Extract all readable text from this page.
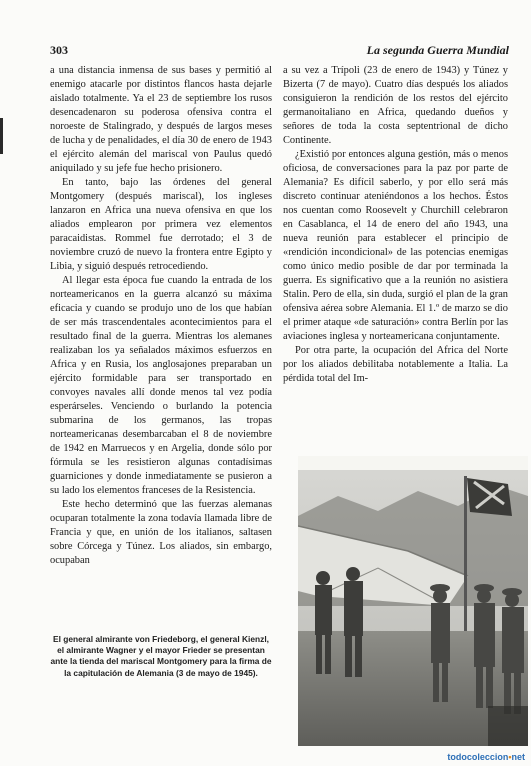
303	La segunda Guerra Mundial

a una distancia inmensa de sus bases y permitió al enemigo atacarle por distintos flancos hasta dejarle aislado totalmente. Ya el 23 de septiembre los rusos desencadenaron su poderosa ofensiva contra el noroeste de Stalingrado, y después de largos meses de lucha y de penalidades, el día 30 de enero de 1943 el ejército alemán del mariscal von Paulus quedó aniquilado y su jefe fue hecho prisionero.

En tanto, bajo las órdenes del general Montgomery (después mariscal), los ingleses lanzaron en Africa una nueva ofensiva en que los aliados emplearon por primera vez elementos paracaidistas. Rommel fue derrotado; el 3 de noviembre cruzó de nuevo la frontera entre Egipto y Libia, y siguió después retrocediendo.

Al llegar esta época fue cuando la entrada de los norteamericanos en la guerra alcanzó su máxima eficacia y cuando se produjo uno de los que habían de ser más trascendentales acontecimientos para el resultado final de la guerra. Mientras los alemanes realizaban los ya señalados máximos esfuerzos en Africa y en Rusia, los anglosajones preparaban un ejército formidable para ser transportado en convoyes navales allí donde menos tal vez podía esperárseles. Venciendo o burlando la potencia submarina de los germanos, las tropas norteamericanas desembarcaban el 8 de noviembre de 1942 en Marruecos y en Argelia, donde sólo por fórmula se les resistieron algunas contadísimas guarniciones y donde inmediatamente se pusieron a su lado los elementos franceses de la Resistencia.

Este hecho determinó que las fuerzas alemanas ocuparan totalmente la zona todavía llamada libre de Francia y que, en unión de los italianos, saltasen sobre Córcega y Túnez. Los aliados, sin embargo, ocupaban

a su vez a Trípoli (23 de enero de 1943) y Túnez y Bizerta (7 de mayo). Cuatro días después los aliados consiguieron la rendición de los restos del ejército germanoitaliano en Africa, quedando dueños y señores de toda la costa septentrional de dicho Continente.

¿Existió por entonces alguna gestión, más o menos oficiosa, de conversaciones para la paz por parte de Alemania? Es difícil saberlo, y por ello será más discreto continuar ateniéndonos a los hechos. Éstos nos cuentan como Roosevelt y Churchill celebraron en Casablanca, el 14 de enero del año 1943, una nueva reunión para establecer el principio de «rendición incondicional» de las potencias enemigas como único medio posible de dar por terminada la guerra. Es significativo que a la reunión no asistiera Stalin. Pero de ella, sin duda, surgió el plan de la gran ofensiva aérea sobre Alemania. El 1.º de marzo se dio el primer ataque «de saturación» contra Berlín por las aviaciones inglesa y norteamericana conjuntamente.

Por otra parte, la ocupación del Africa del Norte por los aliados debilitaba notablemente a Italia. La pérdida total del Im-

El general almirante von Friedeborg, el general Kienzl, el almirante Wagner y el mayor Frieder se presentan ante la tienda del mariscal Montgomery para la firma de la capitulación de Alemania (3 de mayo de 1945).
todocoleccion•net
